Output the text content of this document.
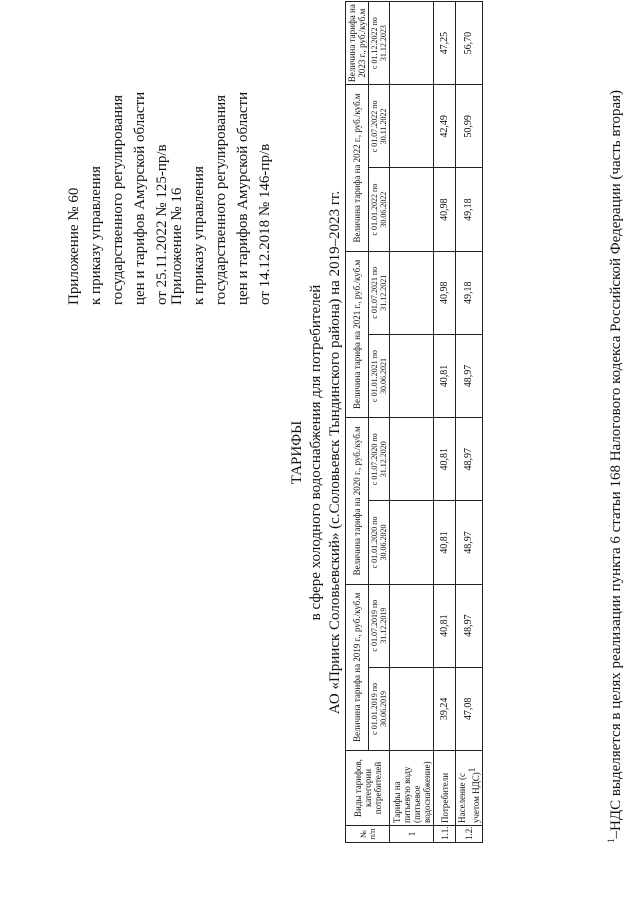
Приложение № 60 к приказу управления государственного регулирования цен и тарифов Амурской области от 25.11.2022 № 125-пр/в Приложение № 16 к приказу управления государственного регулирования цен и тарифов Амурской области от 14.12.2018 № 146-пр/в
ТАРИФЫ в сфере холодного водоснабжения для потребителей АО «Прииск Соловьевский» (с.Соловьевск Тындинского района) на 2019–2023 гг.
№ п/п	Виды тарифов, категории потребителей	Величина тарифа на 2019 г., руб./куб.м		Величина тарифа на 2020 г., руб./куб.м		Величина тарифа на 2021 г., руб./куб.м		Величина тарифа на 2022 г., руб./куб.м		Величина тарифа на 2023 г., руб./куб.м
		с 01.01.2019 по 30.06.2019	с 01.07.2019 по 31.12.2019	с 01.01.2020 по 30.06.2020	с 01.07.2020 по 31.12.2020	с 01.01.2021 по 30.06.2021	с 01.07.2021 по 31.12.2021	с 01.01.2022 по 30.06.2022	с 01.07.2022 по 30.11.2022	с 01.12.2022 по 31.12.2023
1	Тарифы на питьевую воду (питьевое водоснабжение)									
1.1.	Потребители	39,24	40,81	40,81	40,81	40,81	40,98	40,98	42,49	47,25
1.2.	Население (с учетом НДС)$^1$	47,08	48,97	48,97	48,97	48,97	49,18	49,18	50,99	56,70
$^1$–НДС выделяется в целях реализации пункта 6 статьи 168 Налогового кодекса Российской Федерации (часть вторая)
